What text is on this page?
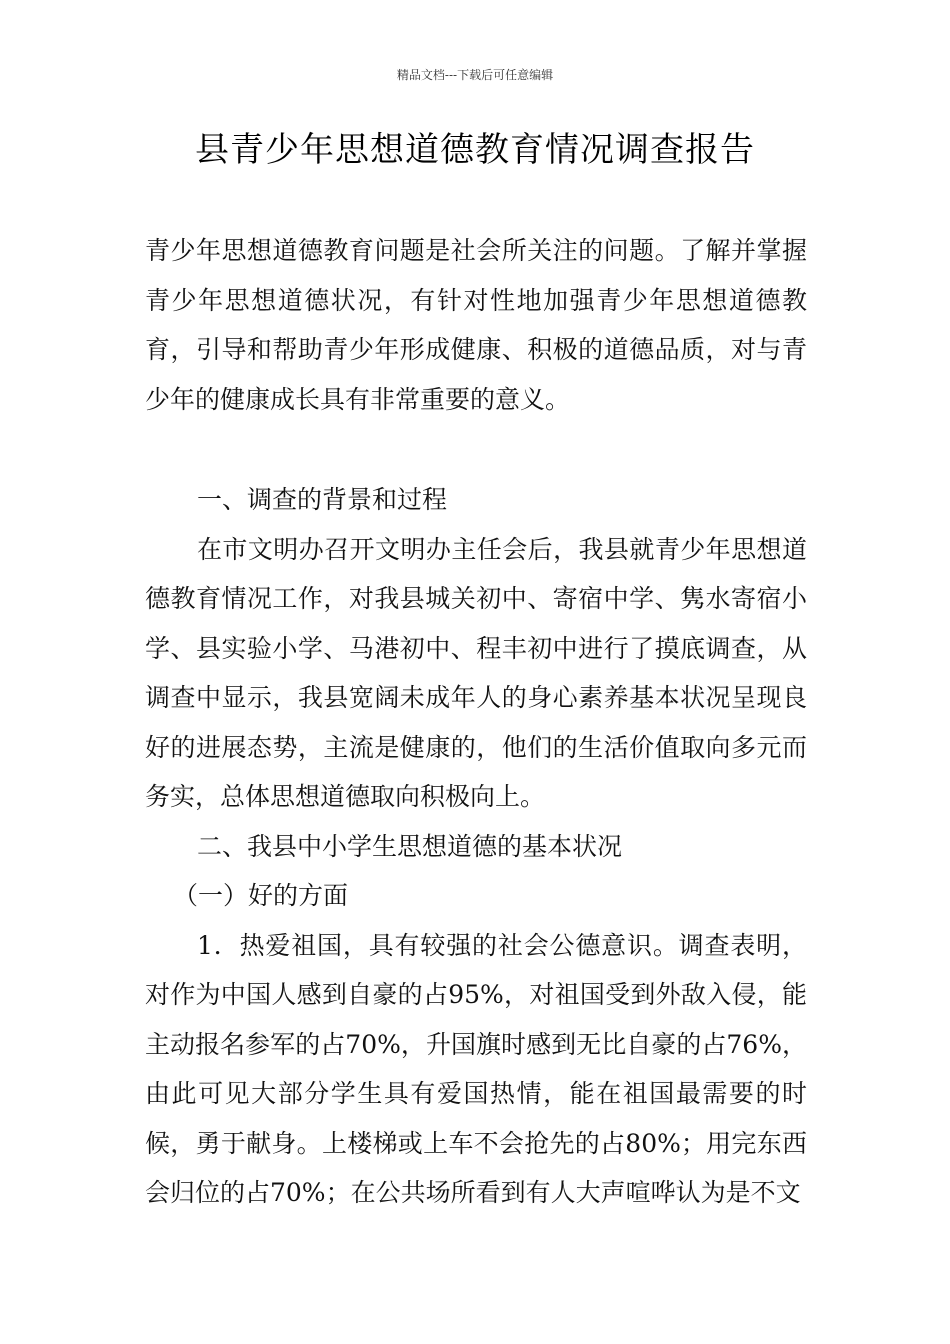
精品文档---下载后可任意编辑
县青少年思想道德教育情况调查报告

青少年思想道德教育问题是社会所关注的问题。了解并掌握青少年思想道德状况，有针对性地加强青少年思想道德教育，引导和帮助青少年形成健康、积极的道德品质，对与青少年的健康成长具有非常重要的意义。

一、调查的背景和过程

在市文明办召开文明办主任会后，我县就青少年思想道德教育情况工作，对我县城关初中、寄宿中学、隽水寄宿小学、县实验小学、马港初中、程丰初中进行了摸底调查，从调查中显示，我县宽阔未成年人的身心素养基本状况呈现良好的进展态势，主流是健康的，他们的生活价值取向多元而务实，总体思想道德取向积极向上。

二、我县中小学生思想道德的基本状况

（一）好的方面

1．热爱祖国，具有较强的社会公德意识。调查表明，对作为中国人感到自豪的占95%，对祖国受到外敌入侵，能主动报名参军的占70%，升国旗时感到无比自豪的占76%，由此可见大部分学生具有爱国热情，能在祖国最需要的时候，勇于献身。上楼梯或上车不会抢先的占80%；用完东西会归位的占70%；在公共场所看到有人大声喧哗认为是不文
